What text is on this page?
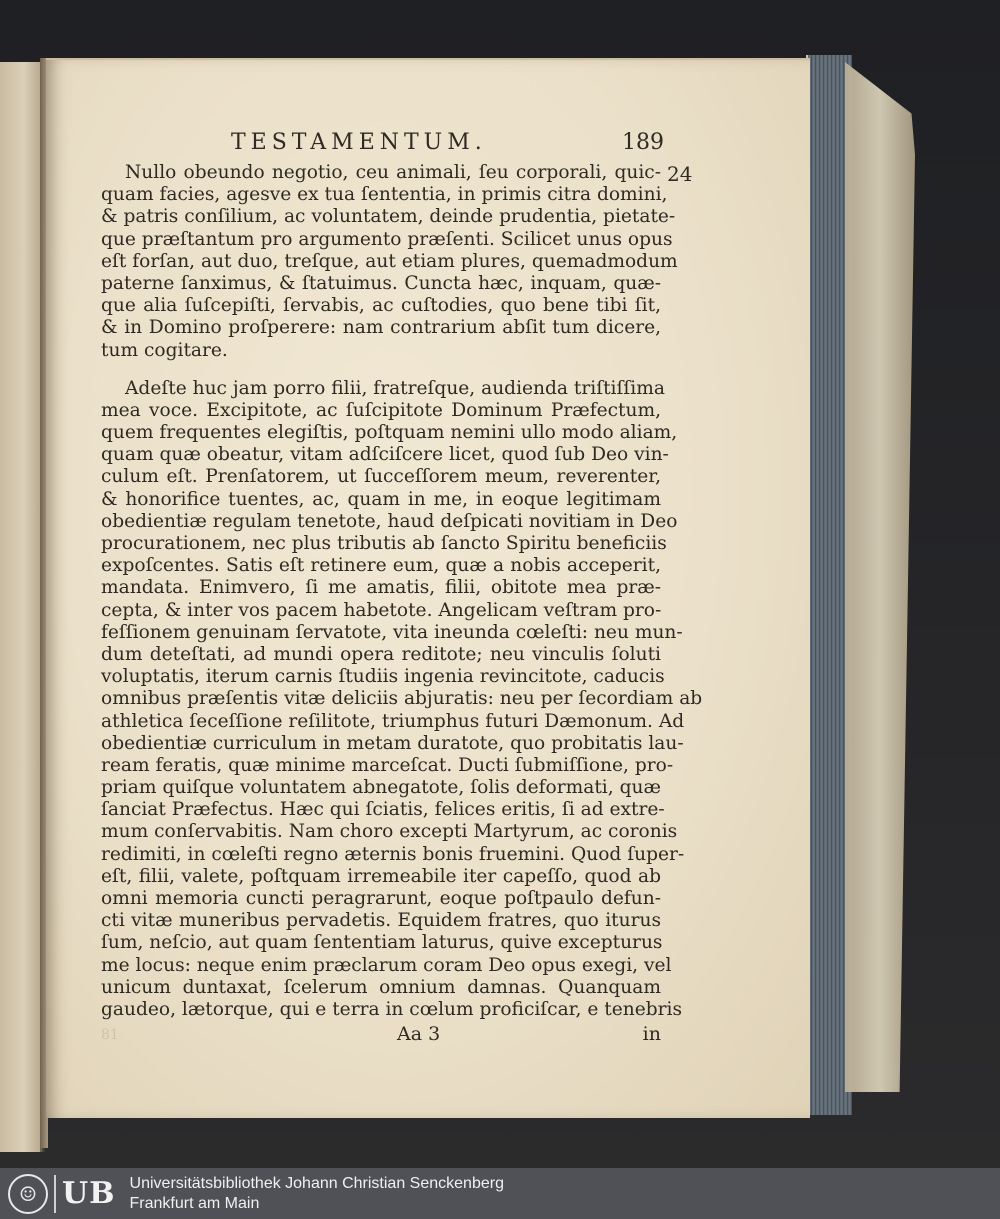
TESTAMENTUM.	189
24
Nullo obeundo negotio, ceu animali, ſeu corporali, quic-
quam facies, agesve ex tua ſententia, in primis citra domini,
& patris conſilium, ac voluntatem, deinde prudentia, pietate-
que præſtantum pro argumento præſenti. Scilicet unus opus
eſt forſan, aut duo, treſque, aut etiam plures, quemadmodum
paterne ſanximus, & ſtatuimus. Cuncta hæc, inquam, quæ-
que alia ſuſcepiſti, ſervabis, ac cuſtodies, quo bene tibi ſit,
& in Domino proſperere: nam contrarium abſit tum dicere,
tum cogitare.
Adeſte huc jam porro filii, fratreſque, audienda triſtiſſima
mea voce. Excipitote, ac ſuſcipitote Dominum Præfectum,
quem frequentes elegiſtis, poſtquam nemini ullo modo aliam,
quam quæ obeatur, vitam adſciſcere licet, quod ſub Deo vin-
culum eſt. Prenſatorem, ut ſucceſſorem meum, reverenter,
& honorifice tuentes, ac, quam in me, in eoque legitimam
obedientiæ regulam tenetote, haud deſpicati novitiam in Deo
procurationem, nec plus tributis ab ſancto Spiritu beneficiis
expoſcentes. Satis eſt retinere eum, quæ a nobis acceperit,
mandata. Enimvero, ſi me amatis, filii, obitote mea præ-
cepta, & inter vos pacem habetote. Angelicam veſtram pro-
feſſionem genuinam ſervatote, vita ineunda cœleſti: neu mun-
dum deteſtati, ad mundi opera reditote; neu vinculis ſoluti
voluptatis, iterum carnis ſtudiis ingenia revincitote, caducis
omnibus præſentis vitæ deliciis abjuratis: neu per ſecordiam ab
athletica ſeceſſione reſilitote, triumphus futuri Dæmonum. Ad
obedientiæ curriculum in metam duratote, quo probitatis lau-
ream feratis, quæ minime marceſcat. Ducti ſubmiſſione, pro-
priam quiſque voluntatem abnegatote, ſolis deformati, quæ
ſanciat Præfectus. Hæc qui ſciatis, felices eritis, ſi ad extre-
mum conſervabitis. Nam choro excepti Martyrum, ac coronis
redimiti, in cœleſti regno æternis bonis fruemini. Quod ſuper-
eſt, filii, valete, poſtquam irremeabile iter capeſſo, quod ab
omni memoria cuncti peragrarunt, eoque poſtpaulo defun-
cti vitæ muneribus pervadetis. Equidem fratres, quo iturus
ſum, neſcio, aut quam ſententiam laturus, quive excepturus
me locus: neque enim præclarum coram Deo opus exegi, vel
unicum duntaxat, ſcelerum omnium damnas. Quanquam
gaudeo, lætorque, qui e terra in cœlum proficiſcar, e tenebris
81	Aa 3	in
☺ UB Universitätsbibliothek Johann Christian Senckenberg
Frankfurt am Main
